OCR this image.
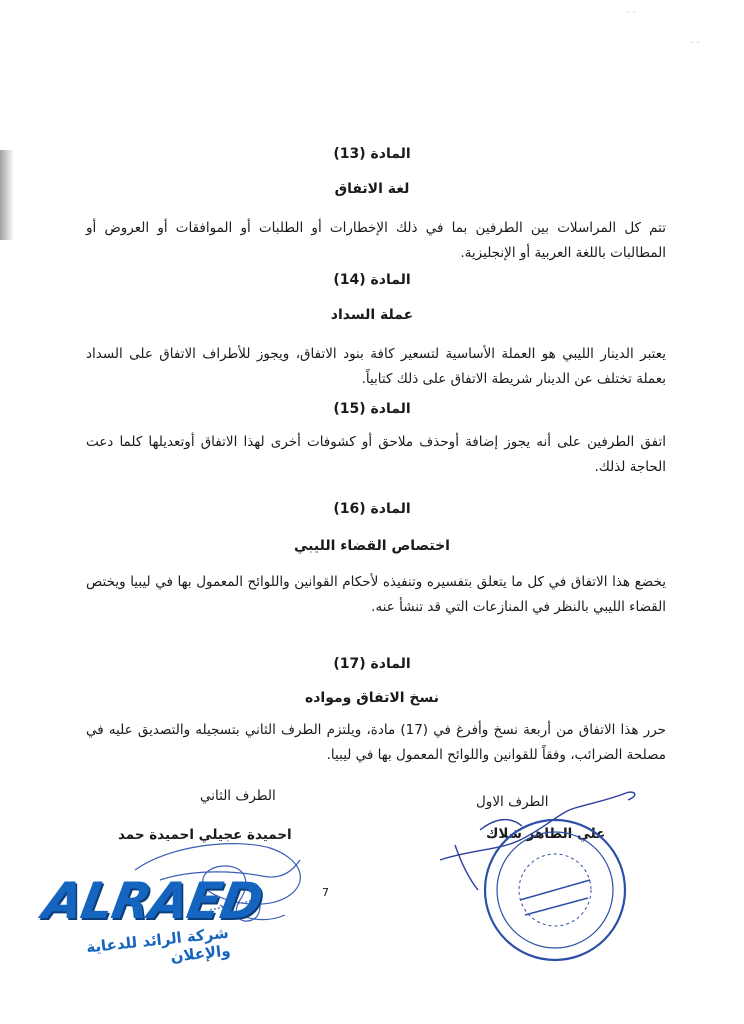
· ·
· ·
المادة (13)
لغة الاتفاق
تتم كل المراسلات بين الطرفين بما في ذلك الإخطارات أو الطلبات أو الموافقات أو العروض أو المطالبات باللغة العربية أو الإنجليزية.
المادة (14)
عملة السداد
يعتبر الدينار الليبي هو العملة الأساسية لتسعير كافة بنود الاتفاق، ويجوز للأطراف الاتفاق على السداد بعملة تختلف عن الدينار شريطة الاتفاق على ذلك كتابياً.
المادة (15)
اتفق الطرفين على أنه يجوز إضافة أوحذف ملاحق أو كشوفات أخرى لهذا الاتفاق أوتعديلها كلما دعت الحاجة لذلك.
المادة (16)
اختصاص القضاء الليبي
يخضع هذا الاتفاق في كل ما يتعلق بتفسيره وتنفيذه لأحكام القوانين واللوائح المعمول بها في ليبيا ويختص القضاء الليبي بالنظر في المنازعات التي قد تنشأ عنه.
المادة (17)
نسخ الاتفاق ومواده
حرر هذا الاتفاق من أربعة نسخ وأفرغ في (17) مادة، ويلتزم الطرف الثاني بتسجيله والتصديق عليه في مصلحة الضرائب، وفقاً للقوانين واللوائح المعمول بها في ليبيا.
الطرف الثاني	الطرف الاول
احميدة عجيلي احميدة حمد	علي الطاهر شلاك
7
ALRAED
شركة الرائد للدعاية والإعلان
